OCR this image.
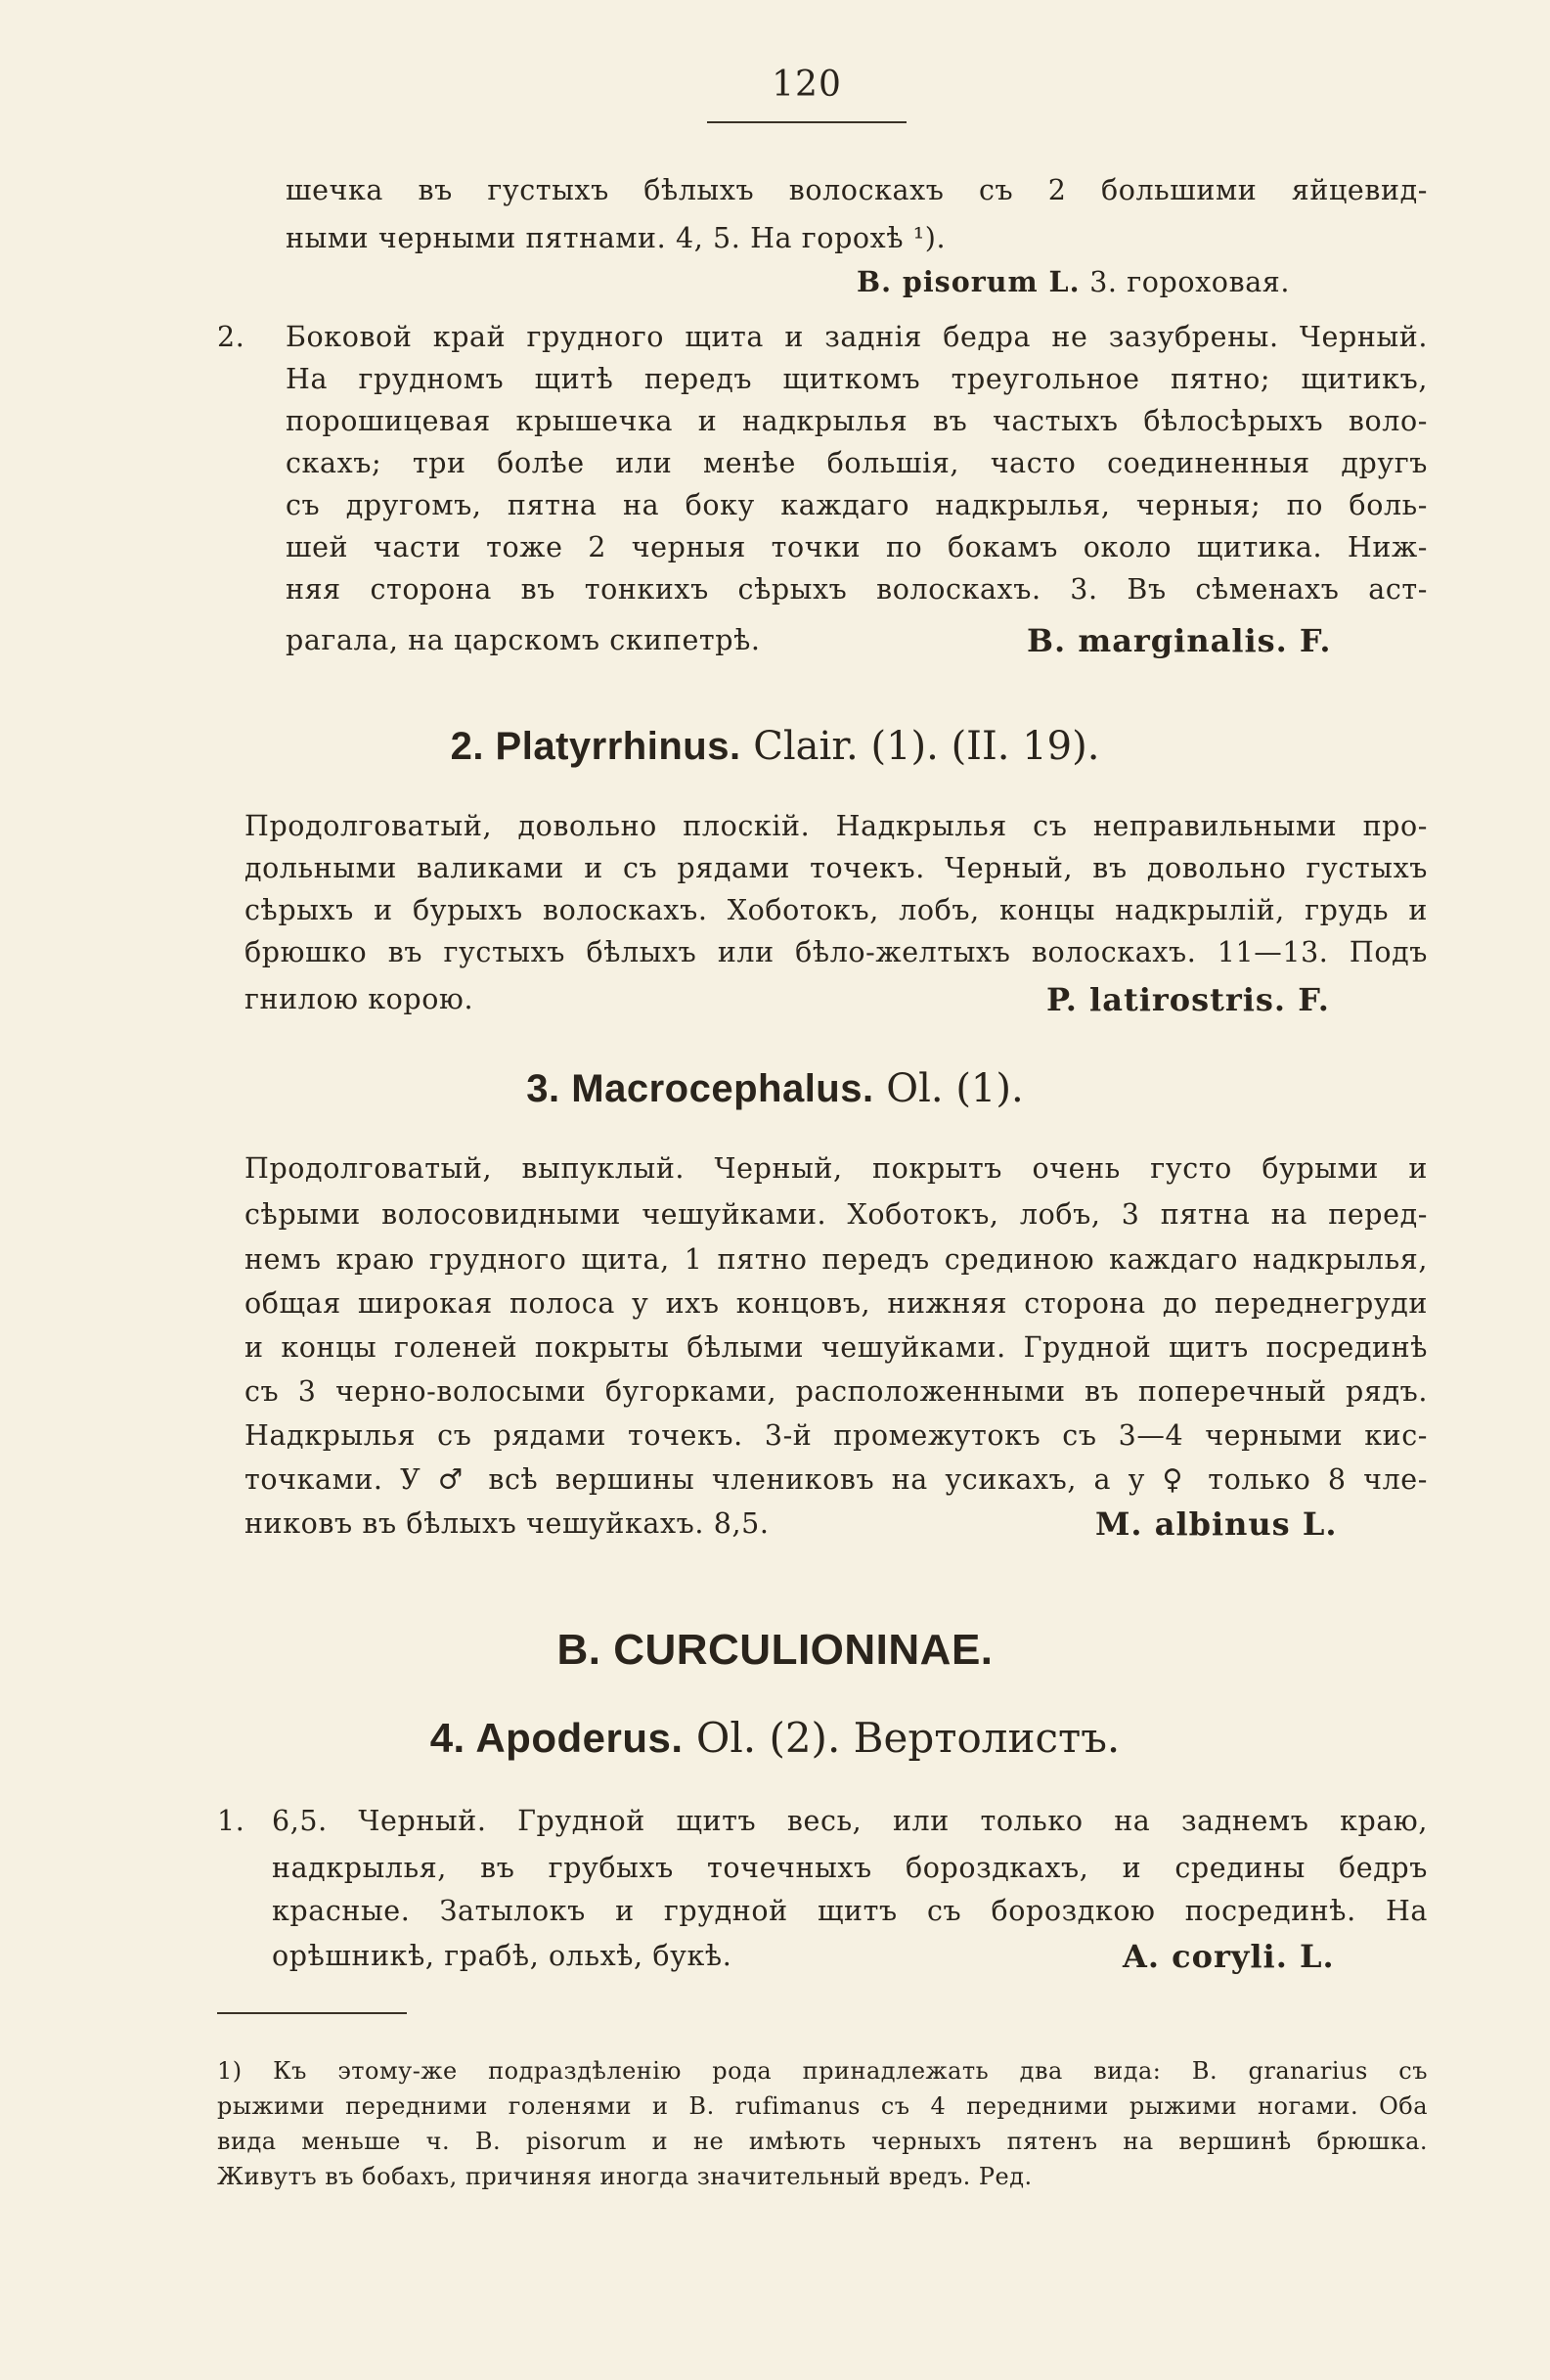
120
шечка въ густыхъ бѣлыхъ волоскахъ съ 2 большими яйцевид-
ными черными пятнами. 4, 5. На горохѣ ¹).
B. pisorum L. 3. гороховая.
2. Боковой край грудного щита и заднія бедра не зазубрены. Черный.
На грудномъ щитѣ передъ щиткомъ треугольное пятно; щитикъ,
порошицевая крышечка и надкрылья въ частыхъ бѣлосѣрыхъ воло-
скахъ; три болѣе или менѣе большія, часто соединенныя другъ
съ другомъ, пятна на боку каждаго надкрылья, черныя; по боль-
шей части тоже 2 черныя точки по бокамъ около щитика. Ниж-
няя сторона въ тонкихъ сѣрыхъ волоскахъ. 3. Въ сѣменахъ аст-
рагала, на царскомъ скипетрѣ.	B. marginalis. F.
2. Platyrrhinus. Clair. (1). (II. 19).
Продолговатый, довольно плоскій. Надкрылья съ неправильными про-
дольными валиками и съ рядами точекъ. Черный, въ довольно густыхъ
сѣрыхъ и бурыхъ волоскахъ. Хоботокъ, лобъ, концы надкрылій, грудь и
брюшко въ густыхъ бѣлыхъ или бѣло-желтыхъ волоскахъ. 11—13. Подъ
гнилою корою.	P. latirostris. F.
3. Macrocephalus. Ol. (1).
Продолговатый, выпуклый. Черный, покрытъ очень густо бурыми и
сѣрыми волосовидными чешуйками. Хоботокъ, лобъ, 3 пятна на перед-
немъ краю грудного щита, 1 пятно передъ срединою каждаго надкрылья,
общая широкая полоса у ихъ концовъ, нижняя сторона до переднегруди
и концы голеней покрыты бѣлыми чешуйками. Грудной щитъ посрединѣ
съ 3 черно-волосыми бугорками, расположенными въ поперечный рядъ.
Надкрылья съ рядами точекъ. 3-й промежутокъ съ 3—4 черными кис-
точками. У ♂ всѣ вершины члениковъ на усикахъ, а у ♀ только 8 чле-
никовъ въ бѣлыхъ чешуйкахъ. 8,5.	M. albinus L.
B. CURCULIONINAE.
4. Apoderus. Ol. (2). Вертолистъ.
1. 6,5. Черный. Грудной щитъ весь, или только на заднемъ краю,
надкрылья, въ грубыхъ точечныхъ бороздкахъ, и средины бедръ
красные. Затылокъ и грудной щитъ съ бороздкою посрединѣ. На
орѣшникѣ, грабѣ, ольхѣ, букѣ.	A. coryli. L.
1) Къ этому-же подраздѣленію рода принадлежать два вида: B. granarius съ
рыжими передними голенями и B. rufimanus съ 4 передними рыжими ногами. Оба
вида меньше ч. B. pisorum и не имѣють черныхъ пятенъ на вершинѣ брюшка.
Живутъ въ бобахъ, причиняя иногда значительный вредъ. Ред.
